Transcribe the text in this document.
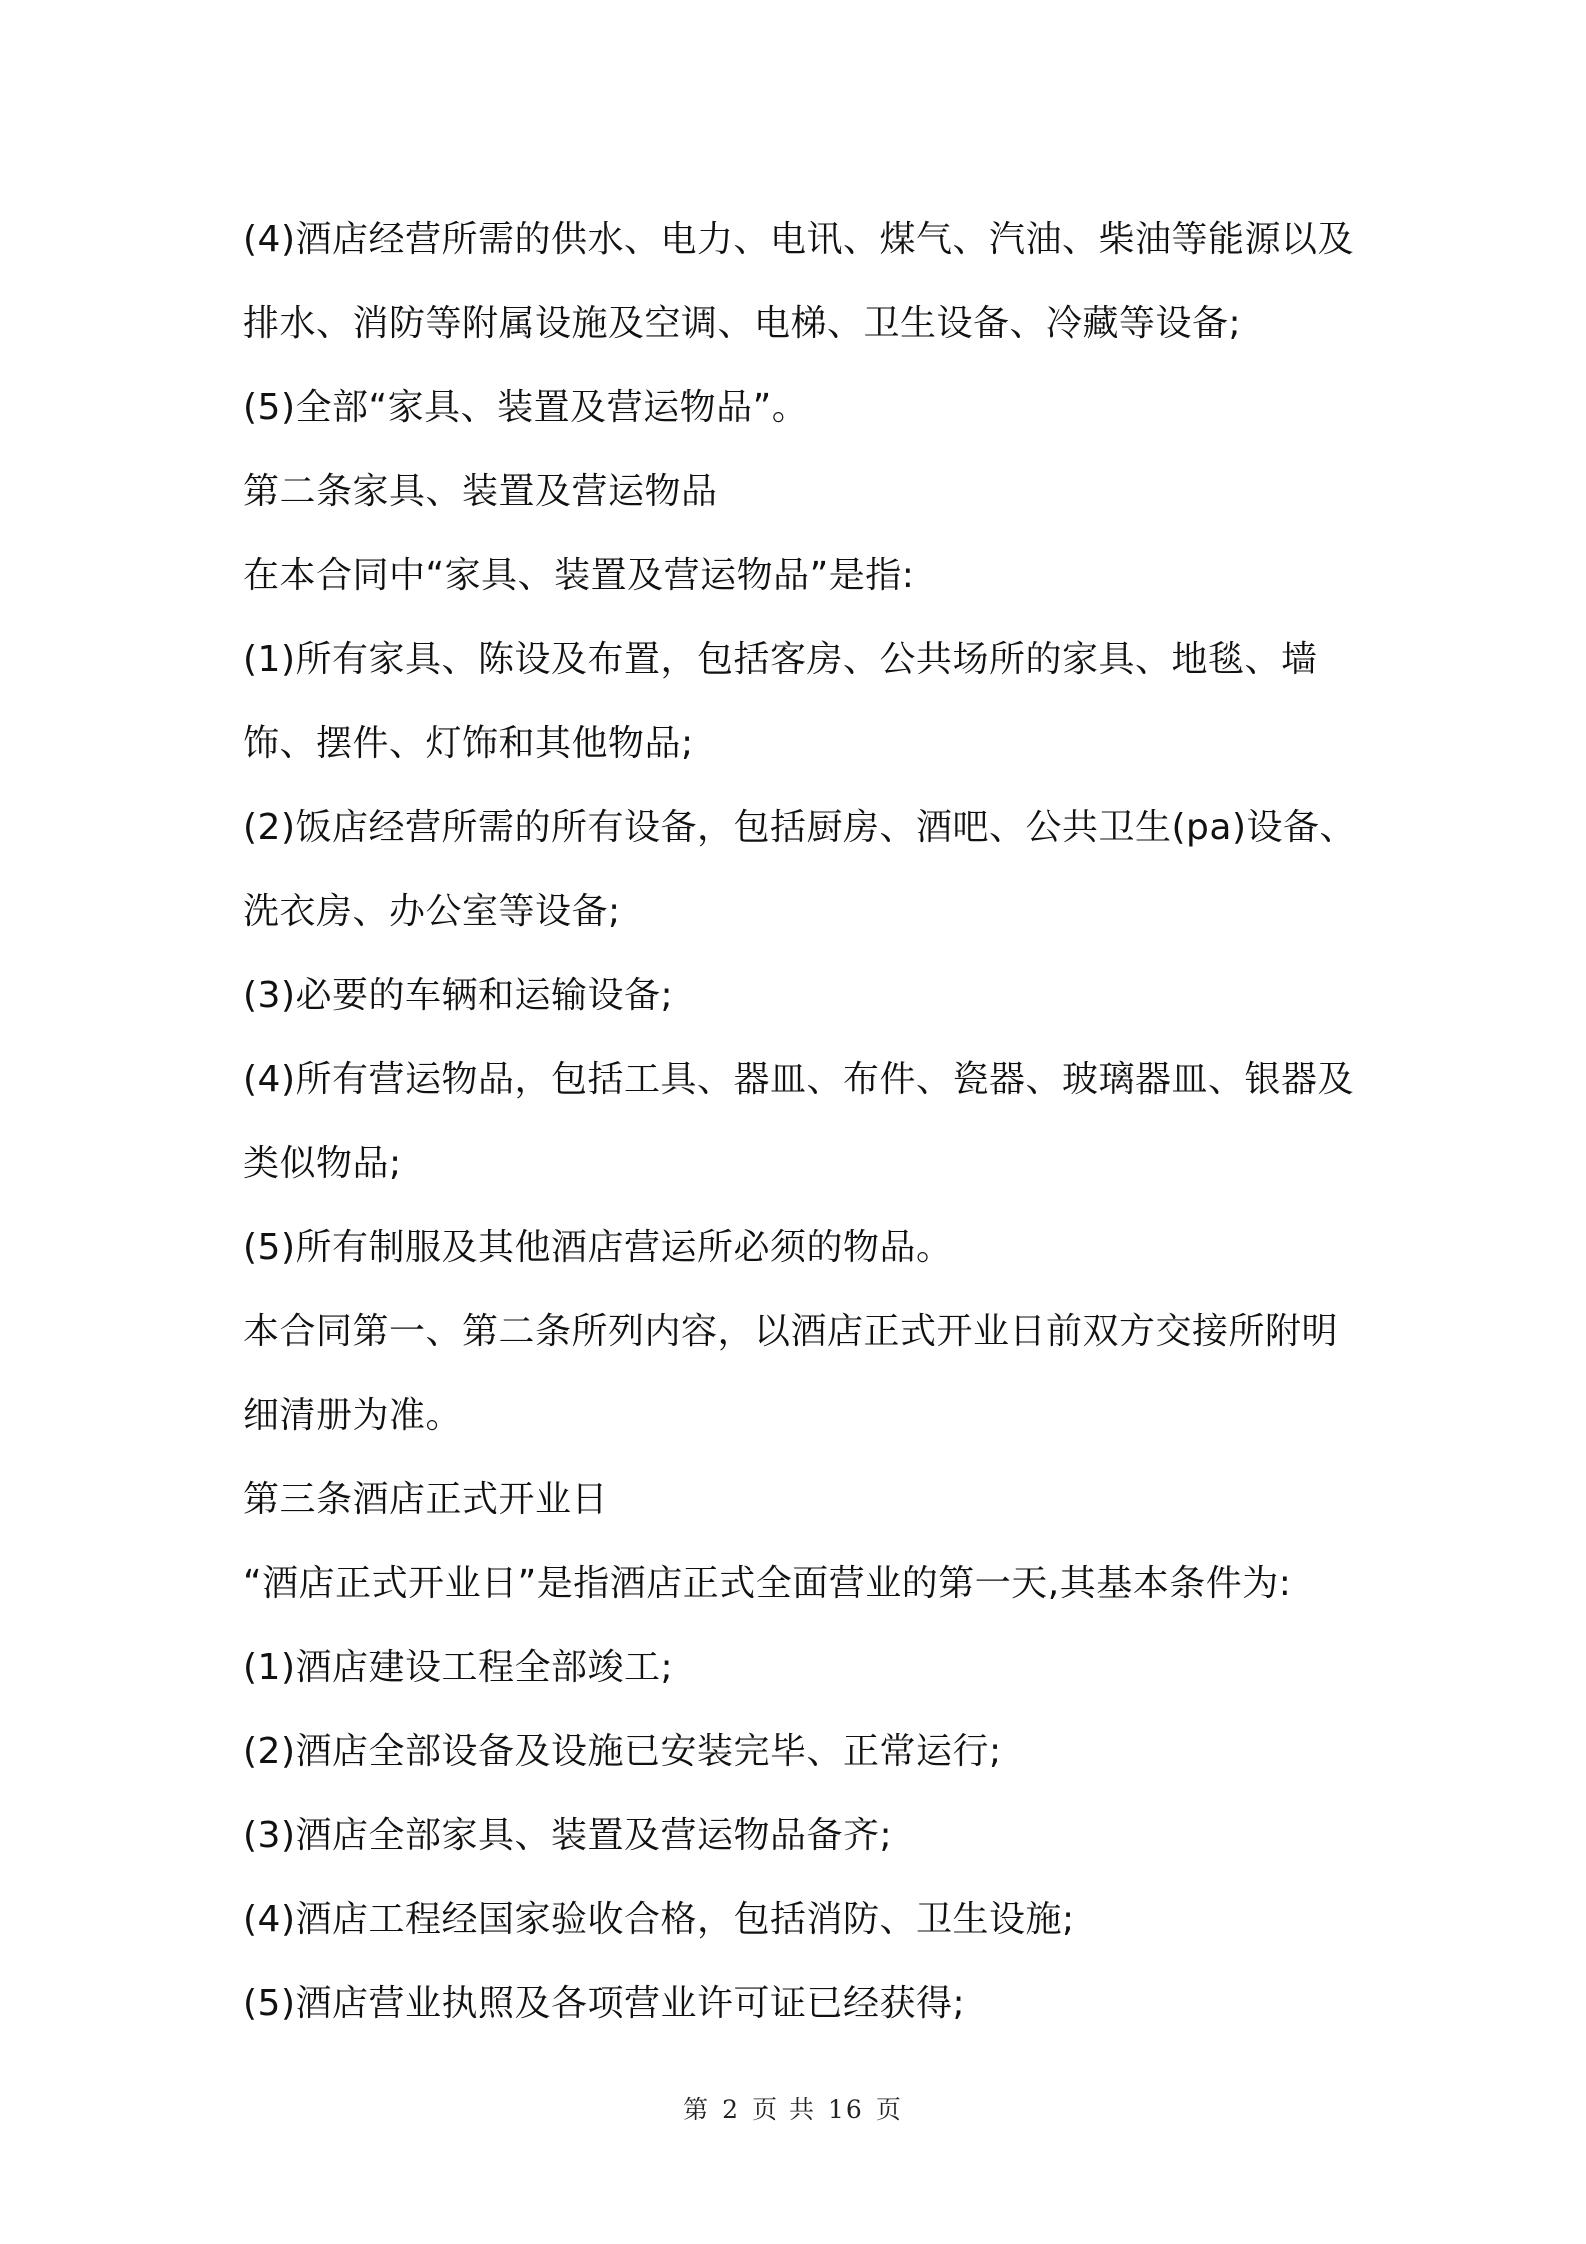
(4)酒店经营所需的供水、电力、电讯、煤气、汽油、柴油等能源以及排水、消防等附属设施及空调、电梯、卫生设备、冷藏等设备;

(5)全部“家具、装置及营运物品”。

第二条家具、装置及营运物品

在本合同中“家具、装置及营运物品”是指:

(1)所有家具、陈设及布置，包括客房、公共场所的家具、地毯、墙饰、摆件、灯饰和其他物品;

(2)饭店经营所需的所有设备，包括厨房、酒吧、公共卫生(pa)设备、洗衣房、办公室等设备;

(3)必要的车辆和运输设备;

(4)所有营运物品，包括工具、器皿、布件、瓷器、玻璃器皿、银器及类似物品;

(5)所有制服及其他酒店营运所必须的物品。

本合同第一、第二条所列内容，以酒店正式开业日前双方交接所附明细清册为准。

第三条酒店正式开业日

“酒店正式开业日”是指酒店正式全面营业的第一天,其基本条件为:

(1)酒店建设工程全部竣工;

(2)酒店全部设备及设施已安装完毕、正常运行;

(3)酒店全部家具、装置及营运物品备齐;

(4)酒店工程经国家验收合格，包括消防、卫生设施;

(5)酒店营业执照及各项营业许可证已经获得;

第 2 页 共 16 页
